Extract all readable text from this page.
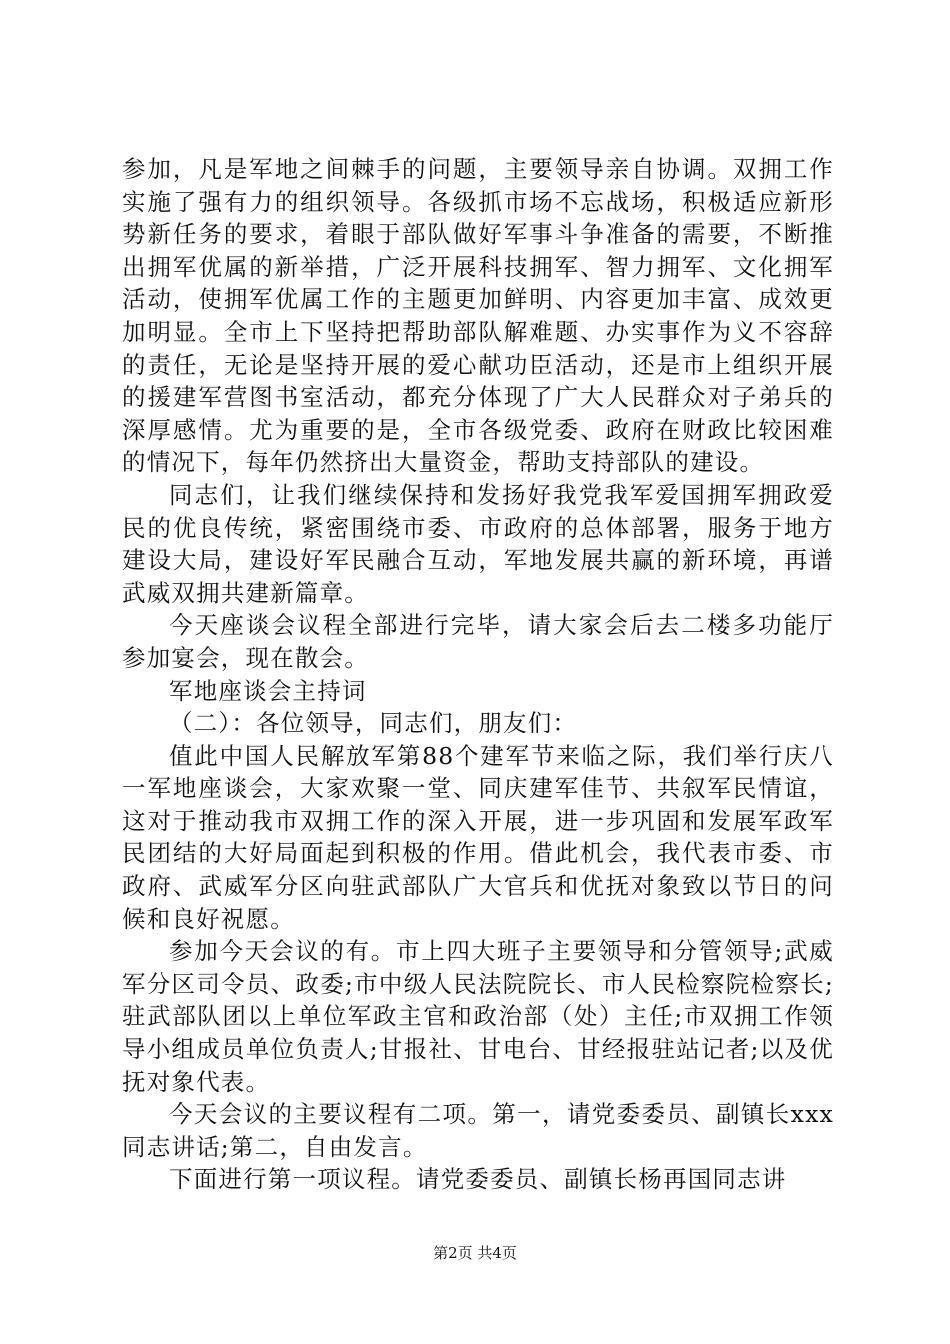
参加，凡是军地之间棘手的问题，主要领导亲自协调。双拥工作实施了强有力的组织领导。各级抓市场不忘战场，积极适应新形势新任务的要求，着眼于部队做好军事斗争准备的需要，不断推出拥军优属的新举措，广泛开展科技拥军、智力拥军、文化拥军活动，使拥军优属工作的主题更加鲜明、内容更加丰富、成效更加明显。全市上下坚持把帮助部队解难题、办实事作为义不容辞的责任，无论是坚持开展的爱心献功臣活动，还是市上组织开展的援建军营图书室活动，都充分体现了广大人民群众对子弟兵的深厚感情。尤为重要的是，全市各级党委、政府在财政比较困难的情况下，每年仍然挤出大量资金，帮助支持部队的建设。

同志们，让我们继续保持和发扬好我党我军爱国拥军拥政爱民的优良传统，紧密围绕市委、市政府的总体部署，服务于地方建设大局，建设好军民融合互动，军地发展共赢的新环境，再谱武威双拥共建新篇章。

今天座谈会议程全部进行完毕，请大家会后去二楼多功能厅参加宴会，现在散会。

军地座谈会主持词

（二）：各位领导，同志们，朋友们：

值此中国人民解放军第88个建军节来临之际，我们举行庆八一军地座谈会，大家欢聚一堂、同庆建军佳节、共叙军民情谊，这对于推动我市双拥工作的深入开展，进一步巩固和发展军政军民团结的大好局面起到积极的作用。借此机会，我代表市委、市政府、武威军分区向驻武部队广大官兵和优抚对象致以节日的问候和良好祝愿。

参加今天会议的有。市上四大班子主要领导和分管领导;武威军分区司令员、政委;市中级人民法院院长、市人民检察院检察长;驻武部队团以上单位军政主官和政治部（处）主任;市双拥工作领导小组成员单位负责人;甘报社、甘电台、甘经报驻站记者;以及优抚对象代表。

今天会议的主要议程有二项。第一，请党委委员、副镇长xxx同志讲话;第二，自由发言。

下面进行第一项议程。请党委委员、副镇长杨再国同志讲

第2页 共4页
